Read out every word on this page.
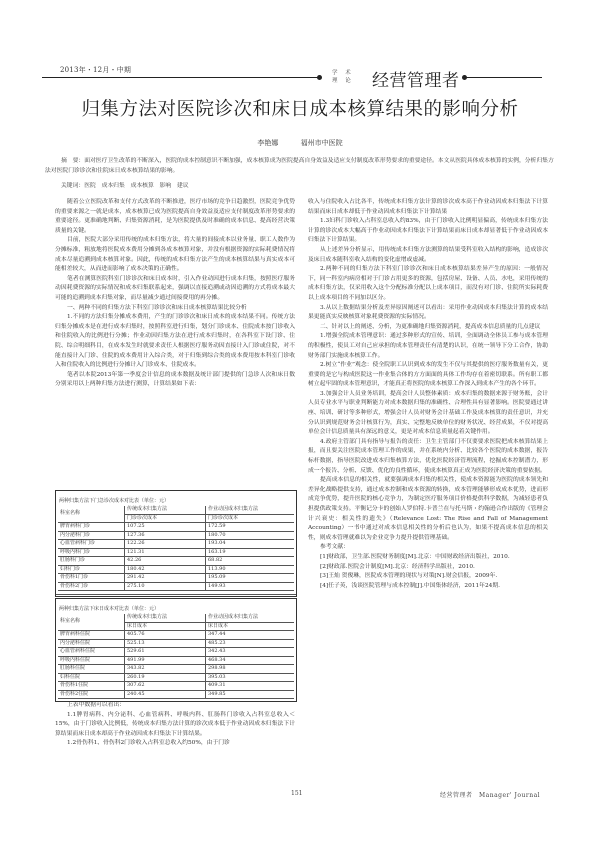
2013年・12月・中期	学 术
理 论 经营管理者
归集方法对医院诊次和床日成本核算结果的影响分析
李艳娜	福州市中医院
摘　要：面对医疗卫生改革的不断深入，医院的成本控制意识不断加强，成本核算成为医院提高自身效益及适应支付制度改革形势要求的重要途径。本文从医院具体成本核算的实例，分析归集方法对医院门诊诊次和住院床日成本核算结果的影响。
关键词：医院　成本归集　成本核算　影响　建议

随着公立医院改革和支付方式改革的不断推进，医疗市场的竞争日趋激烈，医院竞争优势的重要来源之一就是成本，成本核算已成为医院提高自身效益及适应支付制度改革形势要求的重要途径。更准确地判断、归集资源消耗，是为医院提供及时准确的成本信息、提高经营决策质量的关键。

目前，医院大部分采用传统的成本归集方法，将大量的间接成本以业务量、职工人数作为分摊标准，粗放地将医院成本费用分摊到各成本核算对象，并没有根据资源的实际耗费情况将成本尽量追溯到成本核算对象。因此，传统的成本归集方法产生的成本核算结果与真实成本可能相差较大，从而进而影响了成本决策的正确性。

笔者在测算医院科室门诊诊次和床日成本时，引入作业动因进行成本归集，按照医疗服务动因耗费资源的实际情况和成本归集联系起来，强调以直接追溯或动因追溯的方式将成本最大可能的追溯到成本归集对象，而尽量减少通过间接费用的再分摊。

一、两种不同的归集方法下科室门诊诊次和床日成本核算结果比较分析

1.不同的方法归集分摊成本费用，产生的门诊诊次和床日成本的成本结果不同。传统方法归集分摊成本是在进行成本归集时，按照科室进行归集，划分门诊成本、住院成本按门诊收入和住院收入的比例进行分摊；作业动因归集方法在进行成本归集时，在各科室下设门诊、住院、综合明细科目，在成本发生时就要求责任人根据医疗服务动因直接计入门诊或住院，对不能直接计入门诊、住院的成本费用计入综合类，对于归集到综合类的成本费用按本科室门诊收入和住院收入的比例进行分摊计入门诊成本、住院成本。

笔者以本院2013年第一季度会计信息的成本数据及统计部门提供的门急诊人次和床日数分别采用以上两种归集方法进行测算，计算结果如下表：

两种归集方法下门急诊次成本对比表（单位：元）
科室名称	传统成本归集方法	作业动因成本归集方法
	门诊诊次成本	门诊诊次成本
脾胃病科门诊	107.25	172.59
内分泌科门诊	127.36	180.70
心血管病科门诊	122.26	193.04
呼吸内科门诊	121.31	163.19
肛肠科门诊	42.26	68.82
妇科门诊	180.42	113.90
骨伤科1门诊	291.42	195.09
骨伤科2门诊	275.10	149.93
两种归集方法下床日成本对比表（单位：元）
科室名称	传统成本归集方法	作业动因成本归集方法
	床日成本	床日成本
脾胃病科住院	405.76	347.44
内分泌科住院	525.13	485.23
心血管病科住院	529.61	342.43
呼吸内科住院	491.99	468.34
肛肠科住院	343.82	298.98
妇科住院	260.19	395.03
骨伤科1住院	307.62	409.31
骨伤科2住院	240.45	349.85

上表中数据可以看出：

1.1脾胃病科、内分泌科、心血管病科、呼吸内科、肛肠科门诊收入占科室总收入＜15%，由于门诊收入比例低，传统成本归集方法计算的诊次成本低于作业动因成本归集法下计算结果而床日成本却高于作业动因成本归集法下计算结果。

1.2骨伤科1、骨伤科2门诊收入占科室总收入约50%，由于门诊

收入与住院收入占比各半，传统成本归集方法计算的诊次成本高于作业动因成本归集法下计算结果而床日成本却低于作业动因成本归集法下计算结果

1.3妇科门诊收入占科室总收入约83%，由于门诊收入比例明显偏高，传统成本归集方法计算的诊次成本大幅高于作业动因成本归集法下计算结果而床日成本却显著低于作业动因成本归集法下计算结果。

从上述差异分析显示，用传统成本归集方法测算的结果受科室收入结构的影响，造成诊次及床日成本随科室收入结构的变化虚增或虚减。

2.两种不同的归集方法下科室门诊诊次和床日成本核算结果差异产生的原因：一般情况下，同一科室内病房相对于门诊占用更多的资源，包括房屋、设备、人员、水电，采用传统的成本归集方法，仅采用收入这个分配标准分配以上成本项目，而没有对门诊、住院所实际耗费以上成本项目的不同加以区分。

3.从以上数据结果分析及差异原因阐述可以看出：采用作业动因成本归集法计算的成本结果更能真实反映核算对象耗费资源的实际情况。

二、针对以上的阐述、分析，为更准确地归集资源消耗，提高成本信息质量的几点建议

1.增强全院成本管理意识：通过多种形式的宣传、培训，全面调动全体员工参与成本管理的积极性，使员工对自己应承担的成本管理责任有清楚的认识，在统一领导下分工合作，协助财务部门实施成本核算工作。

2.树立“作业”观念：使全院职工认识到成本的发生不仅与其提供的医疗服务数量有关，更重要的是它与构成医院这一作业集合体的方方面面的具体工作均存在着密切联系。所有职工都树立起牢固的成本管理意识，才能真正将医院的成本核算工作深入到成本产生的各个环节。

3.加强会计人员业务培训，提高会计人员整体素质：成本归集的数据来源于财务账，会计人员专业水平与职业判断能力对成本数据归集的准确性、合理性具有显著影响。医院要通过讲座、培训、研讨等多种形式，增强会计人员对财务会计基础工作及成本核算的责任意识，并充分认识到规范财务会计核算行为，真实、完整地反映单位的财务状况、经营成果，不仅对提高单位会计信息质量具有深远的意义，更是对成本信息质量起着关键作用。

4.政府主管部门具有指导与报告的责任：卫生主管部门不仅要要求医院把成本核算结果上报，而且要关注医院成本管理工作的成果，并在系统内分析、比较各个医院的成本数据，报告标杆数据，指导医院改进成本归集核算方法，优化医院经济管理流程，挖掘成本控制潜力，形成一个报告、分析、反馈、优化的良性循环，使成本核算真正成为医院经济决策的重要依据。

提高成本信息的相关性，就要强调成本归集的相关性，使成本资源能为医院的成本领先和差异化战略提供支持，通过成本控制和成本资源的转换，成本管理能够形成成本优势，进而形成竞争优势，提升医院的核心竞争力，为制定医疗服务项目价格提供科学数据，为减轻患者负担提供政策支持。平衡记分卡的创始人罗伯特.卡普兰在与托马斯・约翰逊合作出版的《管理会计兴衰史：相关性的遗失》（Relevance Lost: The Rise and Fall of Management Accounting）一书中通过对成本信息相关性的分析后也认为，如果不提高成本信息的相关性，则成本管理就难以为企业竞争力提升提供管理基础。

参考文献：

[1]财政部，卫生部.医院财务制度[M].北京：中国财政经济出版社，2010.

[2]财政部.医院会计制度[M].北京：经济科学出版社，2010.

[3]王灿 贺俊琳，医院成本管理的现状与对策[N].财会信报，2009年.

[4]任子英，浅谈医院管理与成本控制[J].中国集体经济，2011年24期.

151	经营管理者　Manager' Journal
